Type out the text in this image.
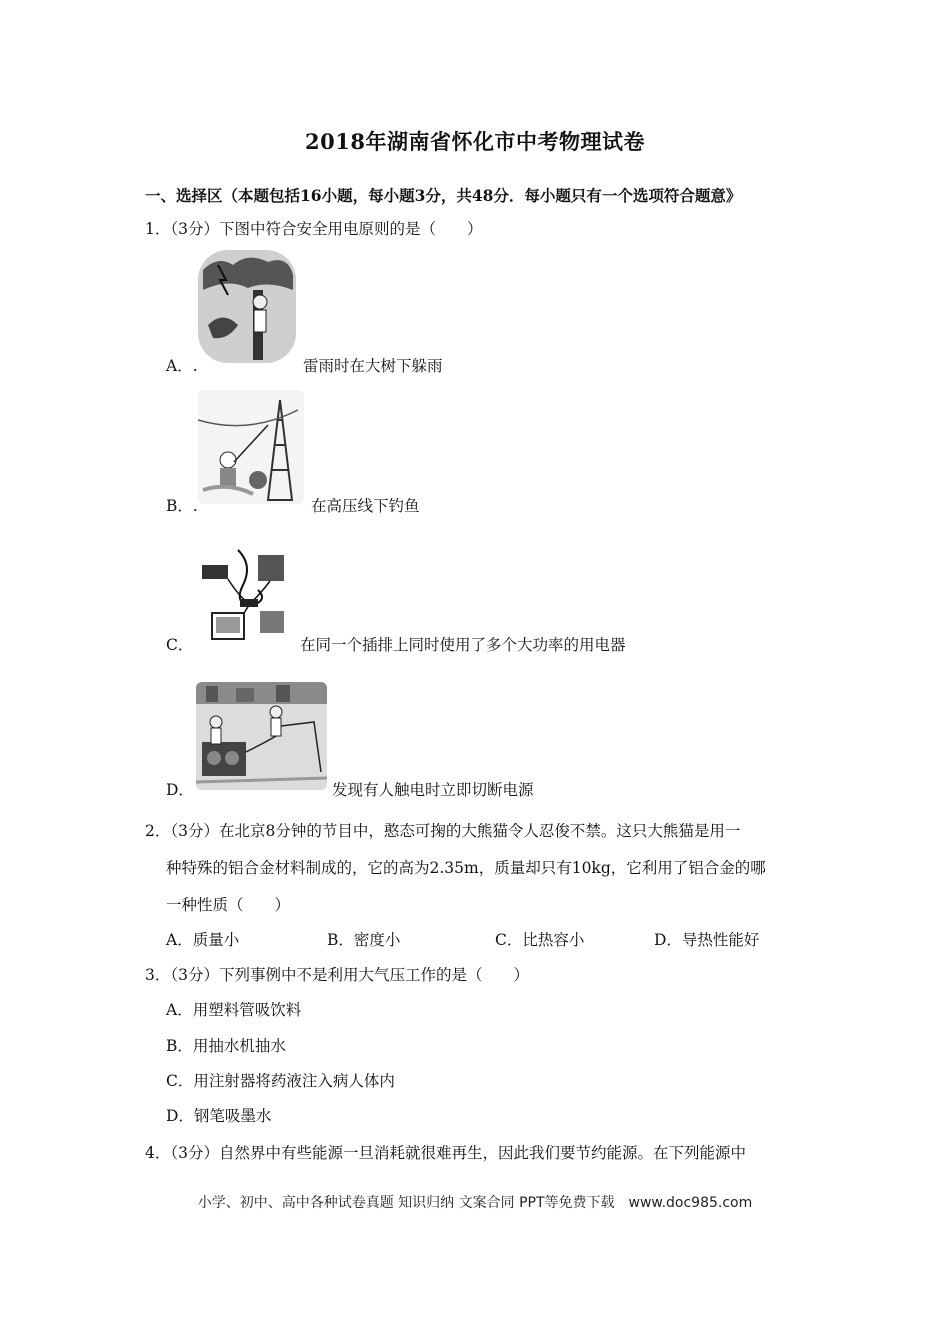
2018年湖南省怀化市中考物理试卷
一、选择区（本题包括16小题，每小题3分，共48分．每小题只有一个选项符合题意》
1．（3分）下图中符合安全用电原则的是（　　）
A．.	雷雨时在大树下躲雨
B．.	在高压线下钓鱼
C．	在同一个插排上同时使用了多个大功率的用电器
D．	发现有人触电时立即切断电源
2．（3分）在北京8分钟的节目中，憨态可掬的大熊猫令人忍俊不禁。这只大熊猫是用一
种特殊的铝合金材料制成的，它的高为2.35m，质量却只有10kg，它利用了铝合金的哪
一种性质（　　）
A．质量小	B．密度小	C．比热容小	D．导热性能好
3．（3分）下列事例中不是利用大气压工作的是（　　）
A．用塑料管吸饮料
B．用抽水机抽水
C．用注射器将药液注入病人体内
D．钢笔吸墨水
4．（3分）自然界中有些能源一旦消耗就很难再生，因此我们要节约能源。在下列能源中
小学、初中、高中各种试卷真题 知识归纳 文案合同 PPT等免费下载　www.doc985.com
